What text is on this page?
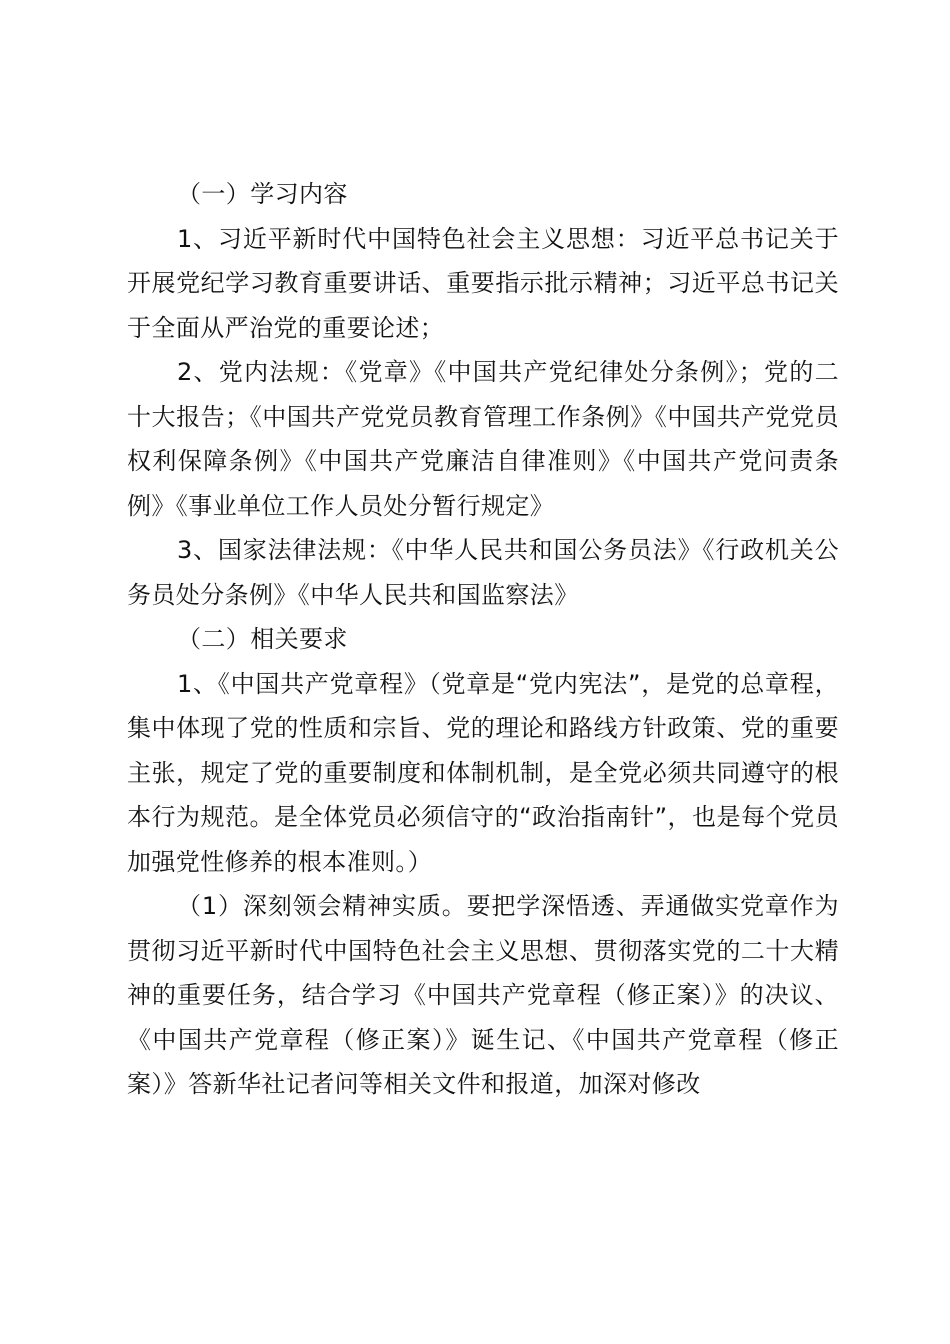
（一）学习内容

1、习近平新时代中国特色社会主义思想：习近平总书记关于开展党纪学习教育重要讲话、重要指示批示精神；习近平总书记关于全面从严治党的重要论述；

2、党内法规：《党章》《中国共产党纪律处分条例》；党的二十大报告；《中国共产党党员教育管理工作条例》《中国共产党党员权利保障条例》《中国共产党廉洁自律准则》《中国共产党问责条例》《事业单位工作人员处分暂行规定》

3、国家法律法规：《中华人民共和国公务员法》《行政机关公务员处分条例》《中华人民共和国监察法》

（二）相关要求

1、《中国共产党章程》（党章是“党内宪法”，是党的总章程，集中体现了党的性质和宗旨、党的理论和路线方针政策、党的重要主张，规定了党的重要制度和体制机制，是全党必须共同遵守的根本行为规范。是全体党员必须信守的“政治指南针”，也是每个党员加强党性修养的根本准则。）

（1）深刻领会精神实质。要把学深悟透、弄通做实党章作为贯彻习近平新时代中国特色社会主义思想、贯彻落实党的二十大精神的重要任务，结合学习《中国共产党章程（修正案）》的决议、《中国共产党章程（修正案）》诞生记、《中国共产党章程（修正案）》答新华社记者问等相关文件和报道，加深对修改
